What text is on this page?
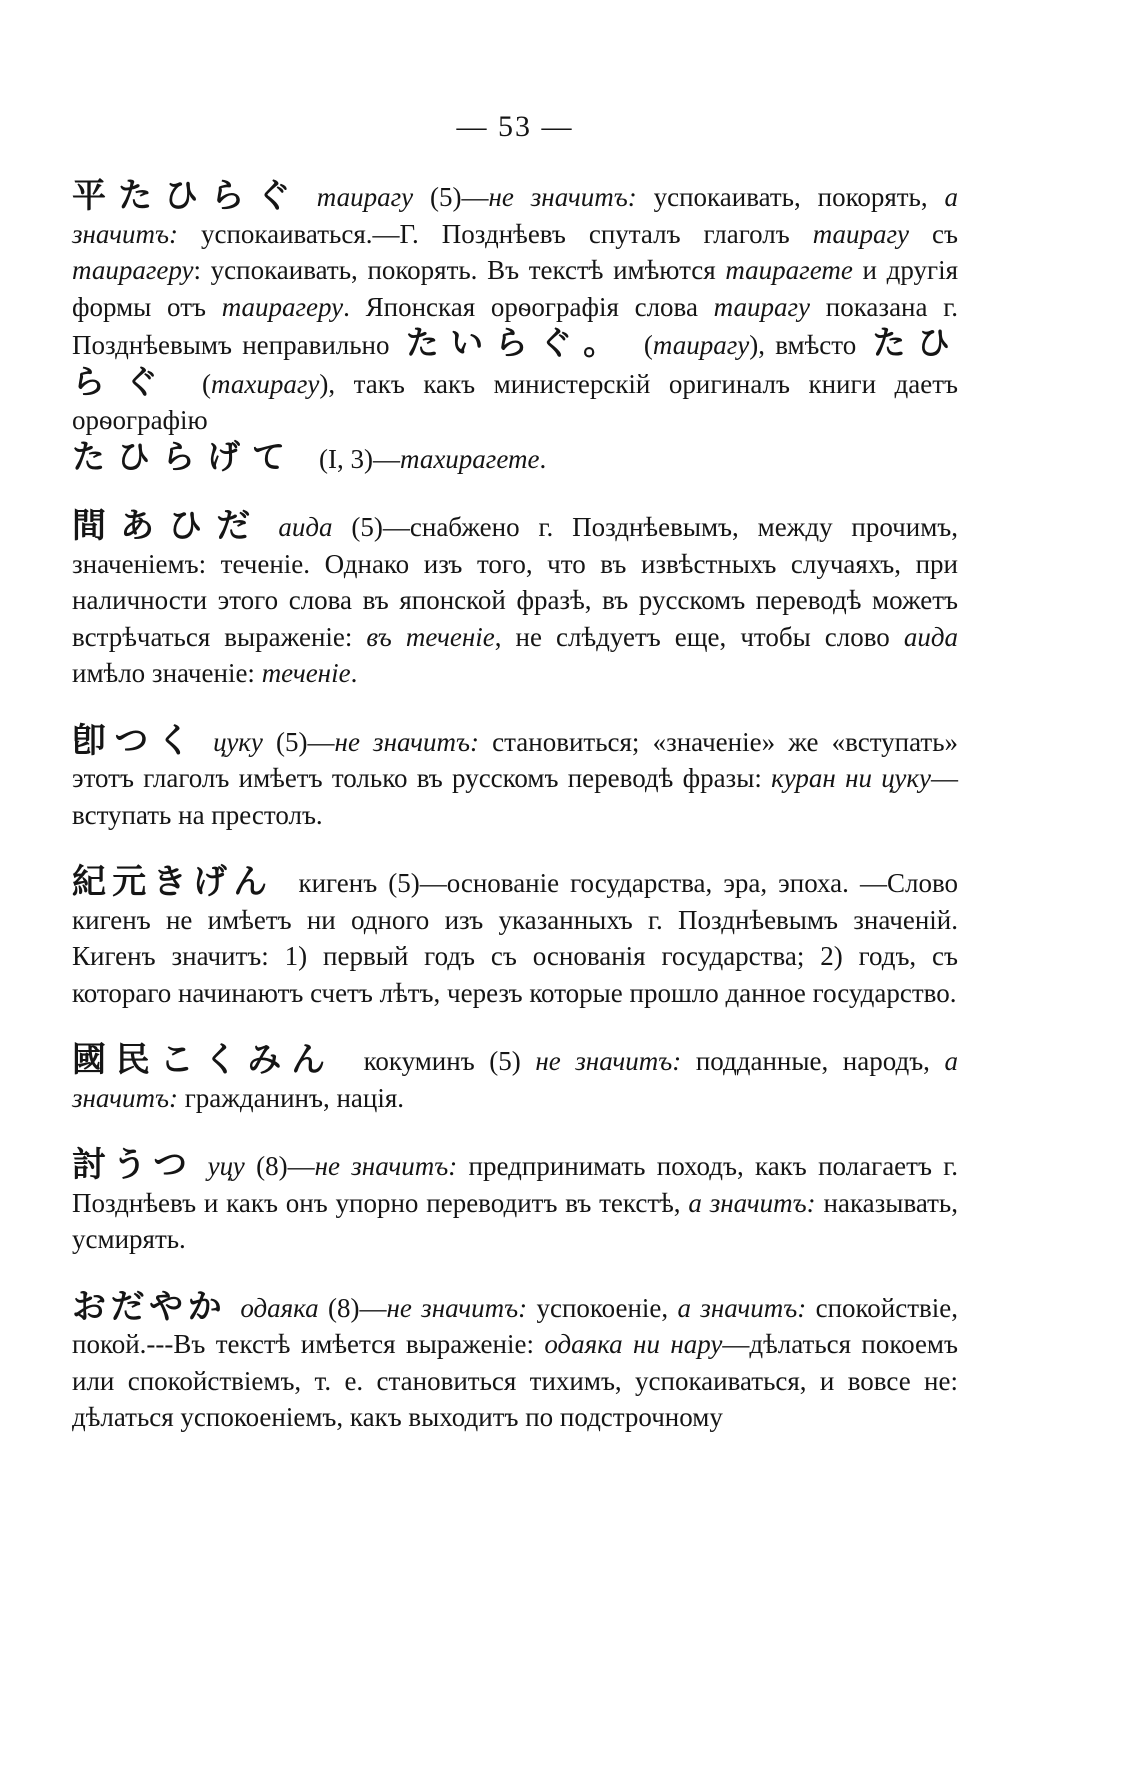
— 53 —

平たひらぐ таирагу (5)—не значитъ: успокаивать, покорять, а значитъ: успокаиваться.—Г. Позднѣевъ спуталъ глаголъ таирагу съ таирагеру: успокаивать, покорять. Въ текстѣ имѣются таирагете и другія формы отъ таирагеру. Японская орѳографія слова таирагу показана г. Позднѣевымъ неправильно たいらぐ。 (таирагу), вмѣсто たひらぐ (тахирагу), такъ какъ министерскій оригиналъ книги даетъ орѳографію

たひらげて (I, 3)—тахирагете.

間あひだ аида (5)—снабжено г. Позднѣевымъ, между прочимъ, значеніемъ: теченіе. Однако изъ того, что въ извѣстныхъ случаяхъ, при наличности этого слова въ японской фразѣ, въ русскомъ переводѣ можетъ встрѣчаться выраженіе: въ теченіе, не слѣдуетъ еще, чтобы слово аида имѣло значеніе: теченіе.

卽つく цуку (5)—не значитъ: становиться; «значеніе» же «вступать» этотъ глаголъ имѣетъ только въ русскомъ переводѣ фразы: куран ни цуку—вступать на престолъ.

紀元きげん кигенъ (5)—основаніе государства, эра, эпоха. —Слово кигенъ не имѣетъ ни одного изъ указанныхъ г. Позднѣевымъ значеній. Кигенъ значитъ: 1) первый годъ съ основанія государства; 2) годъ, съ котораго начинаютъ счетъ лѣтъ, черезъ которые прошло данное государство.

國民こくみん кокуминъ (5) не значитъ: подданные, народъ, а значитъ: гражданинъ, нація.

討うつ уцу (8)—не значитъ: предпринимать походъ, какъ полагаетъ г. Позднѣевъ и какъ онъ упорно переводитъ въ текстѣ, а значитъ: наказывать, усмирять.

おだやか одаяка (8)—не значитъ: успокоеніе, а значитъ: спокойствіе, покой.---Въ текстѣ имѣется выраженіе: одаяка ни нару—дѣлаться покоемъ или спокойствіемъ, т. е. становиться тихимъ, успокаиваться, и вовсе не: дѣлаться успокоеніемъ, какъ выходитъ по подстрочному
